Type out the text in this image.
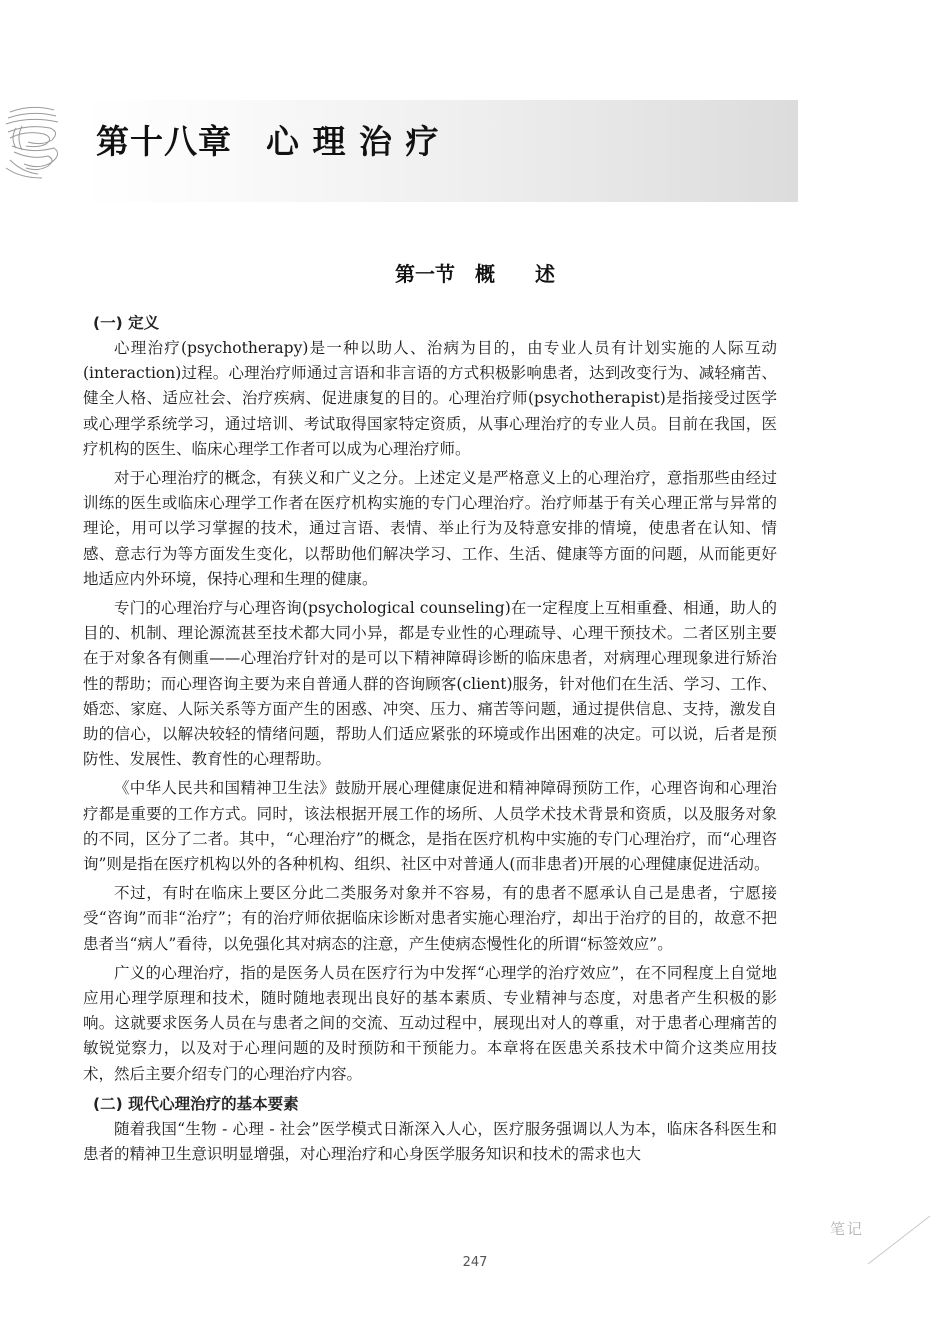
第十八章　心 理 治 疗
第一节　概　　述
(一) 定义

心理治疗(psychotherapy)是一种以助人、治病为目的，由专业人员有计划实施的人际互动(interaction)过程。心理治疗师通过言语和非言语的方式积极影响患者，达到改变行为、减轻痛苦、健全人格、适应社会、治疗疾病、促进康复的目的。心理治疗师(psychotherapist)是指接受过医学或心理学系统学习，通过培训、考试取得国家特定资质，从事心理治疗的专业人员。目前在我国，医疗机构的医生、临床心理学工作者可以成为心理治疗师。

对于心理治疗的概念，有狭义和广义之分。上述定义是严格意义上的心理治疗，意指那些由经过训练的医生或临床心理学工作者在医疗机构实施的专门心理治疗。治疗师基于有关心理正常与异常的理论，用可以学习掌握的技术，通过言语、表情、举止行为及特意安排的情境，使患者在认知、情感、意志行为等方面发生变化，以帮助他们解决学习、工作、生活、健康等方面的问题，从而能更好地适应内外环境，保持心理和生理的健康。

专门的心理治疗与心理咨询(psychological counseling)在一定程度上互相重叠、相通，助人的目的、机制、理论源流甚至技术都大同小异，都是专业性的心理疏导、心理干预技术。二者区别主要在于对象各有侧重——心理治疗针对的是可以下精神障碍诊断的临床患者，对病理心理现象进行矫治性的帮助；而心理咨询主要为来自普通人群的咨询顾客(client)服务，针对他们在生活、学习、工作、婚恋、家庭、人际关系等方面产生的困惑、冲突、压力、痛苦等问题，通过提供信息、支持，激发自助的信心，以解决较轻的情绪问题，帮助人们适应紧张的环境或作出困难的决定。可以说，后者是预防性、发展性、教育性的心理帮助。

《中华人民共和国精神卫生法》鼓励开展心理健康促进和精神障碍预防工作，心理咨询和心理治疗都是重要的工作方式。同时，该法根据开展工作的场所、人员学术技术背景和资质，以及服务对象的不同，区分了二者。其中，“心理治疗”的概念，是指在医疗机构中实施的专门心理治疗，而“心理咨询”则是指在医疗机构以外的各种机构、组织、社区中对普通人(而非患者)开展的心理健康促进活动。

不过，有时在临床上要区分此二类服务对象并不容易，有的患者不愿承认自己是患者，宁愿接受“咨询”而非“治疗”；有的治疗师依据临床诊断对患者实施心理治疗，却出于治疗的目的，故意不把患者当“病人”看待，以免强化其对病态的注意，产生使病态慢性化的所谓“标签效应”。

广义的心理治疗，指的是医务人员在医疗行为中发挥“心理学的治疗效应”，在不同程度上自觉地应用心理学原理和技术，随时随地表现出良好的基本素质、专业精神与态度，对患者产生积极的影响。这就要求医务人员在与患者之间的交流、互动过程中，展现出对人的尊重，对于患者心理痛苦的敏锐觉察力，以及对于心理问题的及时预防和干预能力。本章将在医患关系技术中简介这类应用技术，然后主要介绍专门的心理治疗内容。

(二) 现代心理治疗的基本要素

随着我国“生物 - 心理 - 社会”医学模式日渐深入人心，医疗服务强调以人为本，临床各科医生和患者的精神卫生意识明显增强，对心理治疗和心身医学服务知识和技术的需求也大

笔记

247
